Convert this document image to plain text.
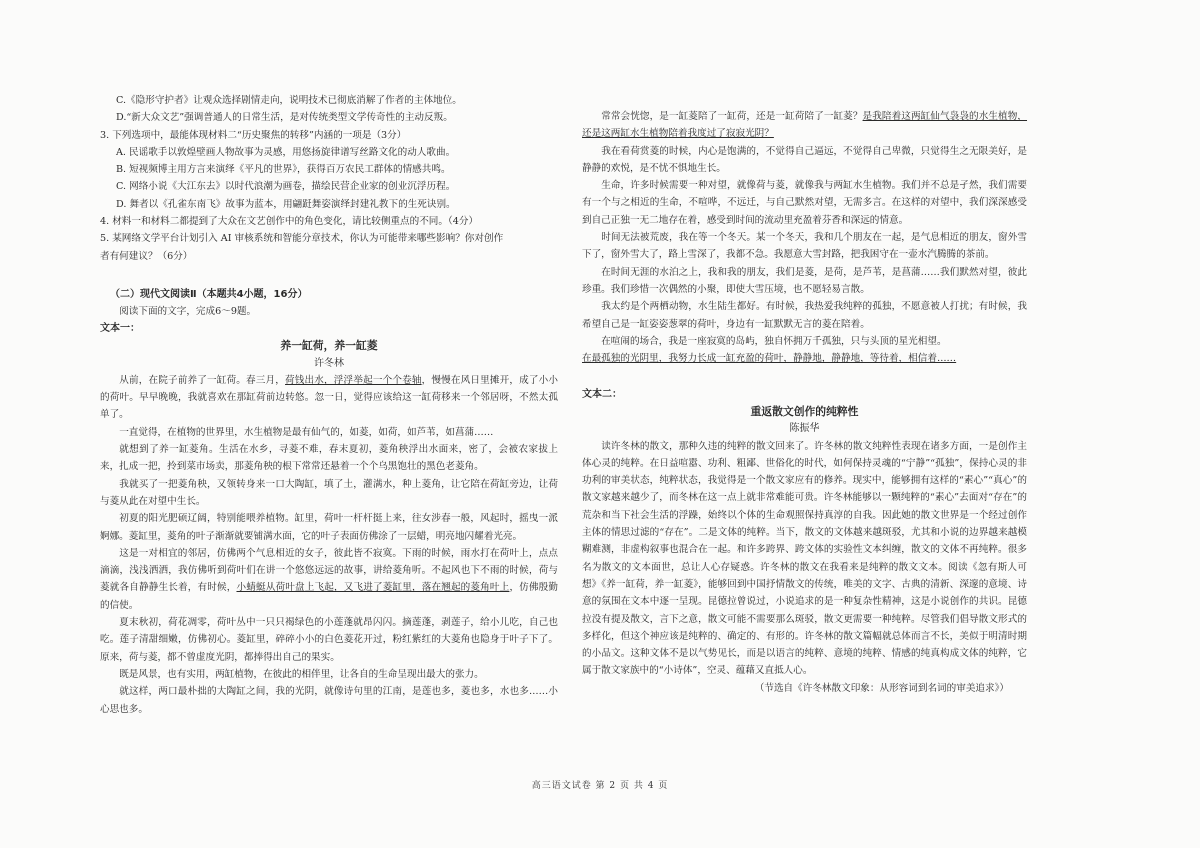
C.《隐形守护者》让观众选择剧情走向，说明技术已彻底消解了作者的主体地位。

D.“新大众文艺”强调普通人的日常生活，是对传统类型文学传奇性的主动反叛。

3. 下列选项中，最能体现材料二“历史聚焦的转移”内涵的一项是（3分）

A. 民谣歌手以敦煌壁画人物故事为灵感，用悠扬旋律谱写丝路文化的动人歌曲。

B. 短视频博主用方言来演绎《平凡的世界》，获得百万农民工群体的情感共鸣。

C. 网络小说《大江东去》以时代浪潮为画卷，描绘民营企业家的创业沉浮历程。

D. 舞者以《孔雀东南飞》故事为蓝本，用翩跹舞姿演绎封建礼教下的生死诀别。

4. 材料一和材料二都提到了大众在文艺创作中的角色变化，请比较侧重点的不同。（4分）

5. 某网络文学平台计划引入 AI 审核系统和智能分章技术，你认为可能带来哪些影响？你对创作

者有何建议？（6分）

（二）现代文阅读Ⅱ（本题共4小题，16分）

阅读下面的文字，完成6～9题。

文本一：

养一缸荷，养一缸菱

许冬林

从前，在院子前养了一缸荷。春三月，荷钱出水，浮浮举起一个个卷轴，慢慢在风日里摊开，成了小小的荷叶。早早晚晚，我就喜欢在那缸荷前边转悠。忽一日，觉得应该给这一缸荷移来一个邻居呀，不然太孤单了。

一直觉得，在植物的世界里，水生植物是最有仙气的，如菱，如荷，如芦苇，如菖蒲……

就想到了养一缸菱角。生活在水乡，寻菱不难，春末夏初，菱角秧浮出水面来，密了，会被农家拔上来，扎成一把，拎到菜市场卖，那菱角秧的根下常常还悬着一个个乌黑饱壮的黑色老菱角。

我就买了一把菱角秧，又领转身来一口大陶缸，填了土，灌满水，种上菱角，让它陪在荷缸旁边，让荷与菱从此在对望中生长。

初夏的阳光肥硕辽阔，特别能喂养植物。缸里，荷叶一杆杆挺上来，往女涉春一般，风起时，摇曳一派婀娜。菱缸里，菱角的叶子渐渐就要铺满水面，它的叶子表面仿佛涂了一层蜡，明亮地闪耀着光亮。

这是一对相宜的邻居，仿佛两个气息相近的女子，彼此皆不寂寞。下雨的时候，雨水打在荷叶上，点点滴滴，浅浅洒洒，我仿佛听到荷叶们在讲一个悠悠远远的故事，讲给菱角听。不起风也下不雨的时候，荷与菱就各自静静生长着，有时候，小蜻蜓从荷叶盘上飞起，又飞进了菱缸里，落在翘起的菱角叶上，仿佛殷勤的信使。

夏末秋初，荷花凋零，荷叶丛中一只只褐绿色的小莲蓬就昂闪闪。摘莲蓬，剥莲子，给小儿吃，自己也吃。莲子清甜细嫩，仿佛初心。菱缸里，碎碎小小的白色菱花开过，粉红紫红的大菱角也隐身于叶子下了。原来，荷与菱，都不曾虚度光阴，都捧得出自己的果实。

既是风景，也有实用，两缸植物，在彼此的相伴里，让各自的生命呈现出最大的张力。

就这样，两口最朴拙的大陶缸之间，我的光阴，就像诗句里的江南，是莲也多，菱也多，水也多……小心思也多。

常常会恍惚，是一缸菱陪了一缸荷，还是一缸荷陪了一缸菱？是我陪着这两缸仙气袅袅的水生植物，还是这两缸水生植物陪着我度过了寂寂光阴？

我在看荷赏菱的时候，内心是饱满的，不觉得自己逼远，不觉得自己卑微，只觉得生之无限美好，是静静的欢悦，是不忧不惧地生长。

生命，许多时候需要一种对望，就像荷与菱，就像我与两缸水生植物。我们并不总是孑然，我们需要有一个与之相近的生命，不喧哗，不远迁，与自己默然对望，无需多言。在这样的对望中，我们深深感受到自己正独一无二地存在着，感受到时间的流动里充盈着芬香和深远的情意。

时间无法被荒废，我在等一个冬天。某一个冬天，我和几个朋友在一起，是气息相近的朋友，窗外雪下了，窗外雪大了，路上雪深了，我都不急。我愿意大雪封路，把我困守在一壶水汽腾腾的茶前。

在时间无涯的水泊之上，我和我的朋友，我们是菱，是荷，是芦苇，是菖蒲……我们默然对望，彼此珍重。我们珍惜一次偶然的小聚，即使大雪压境，也不愿轻易言散。

我太约是个两栖动物，水生陆生都好。有时候，我热爱我纯粹的孤独，不愿意被人打扰；有时候，我希望自己是一缸姿姿葱翠的荷叶，身边有一缸默默无言的菱在陪着。

在喧闹的场合，我是一座寂寞的岛屿，独自怀拥万千孤独，只与头顶的星光相望。

在最孤独的光阴里，我努力长成一缸充盈的荷叶，静静地，静静地，等待着，相信着……

文本二：

重返散文创作的纯粹性

陈振华

读许冬林的散文，那种久违的纯粹的散文回来了。许冬林的散文纯粹性表现在诸多方面，一是创作主体心灵的纯粹。在日益喧嚣、功利、粗鄙、世俗化的时代，如何保持灵魂的“宁静”“孤独”，保持心灵的非功利的审美状态，纯粹状态，我觉得是一个散文家应有的修养。现实中，能够拥有这样的“素心”“真心”的散文家越来越少了，而冬林在这一点上就非常难能可贵。许冬林能够以一颗纯粹的“素心”去面对“存在”的荒杂和当下社会生活的浮躁，始终以个体的生命观照保持真淳的自我。因此她的散文世界是一个经过创作主体的情思过滤的“存在”。二是文体的纯粹。当下，散文的文体越来越斑驳，尤其和小说的边界越来越模糊难测，非虚构叙事也混合在一起。和许多跨界、跨文体的实验性文本纠缠，散文的文体不再纯粹。很多名为散文的文本面世，总让人心存疑惑。许冬林的散文在我看来是纯粹的散文文本。阅读《忽有斯人可想》《养一缸荷，养一缸菱》，能够回到中国抒情散文的传统，唯美的文字、古典的清新、深邃的意境、诗意的氛围在文本中逐一呈现。昆德拉曾说过，小说追求的是一种复杂性精神，这是小说创作的共识。昆德拉没有提及散文，言下之意，散文可能不需要那么斑驳，散文更需要一种纯粹。尽管我们倡导散文形式的多样化，但这个神应该是纯粹的、确定的、有形的。许冬林的散文篇幅就总体而言不长，美似于明清时期的小品文。这种文体不是以气势见长，而是以语言的纯粹、意境的纯粹、情感的纯真构成文体的纯粹，它属于散文家族中的“小诗体”，空灵、蕴藉又直抵人心。

（节选自《许冬林散文印象：从形容词到名词的审美追求》）

高三语文试卷 第 2 页 共 4 页
